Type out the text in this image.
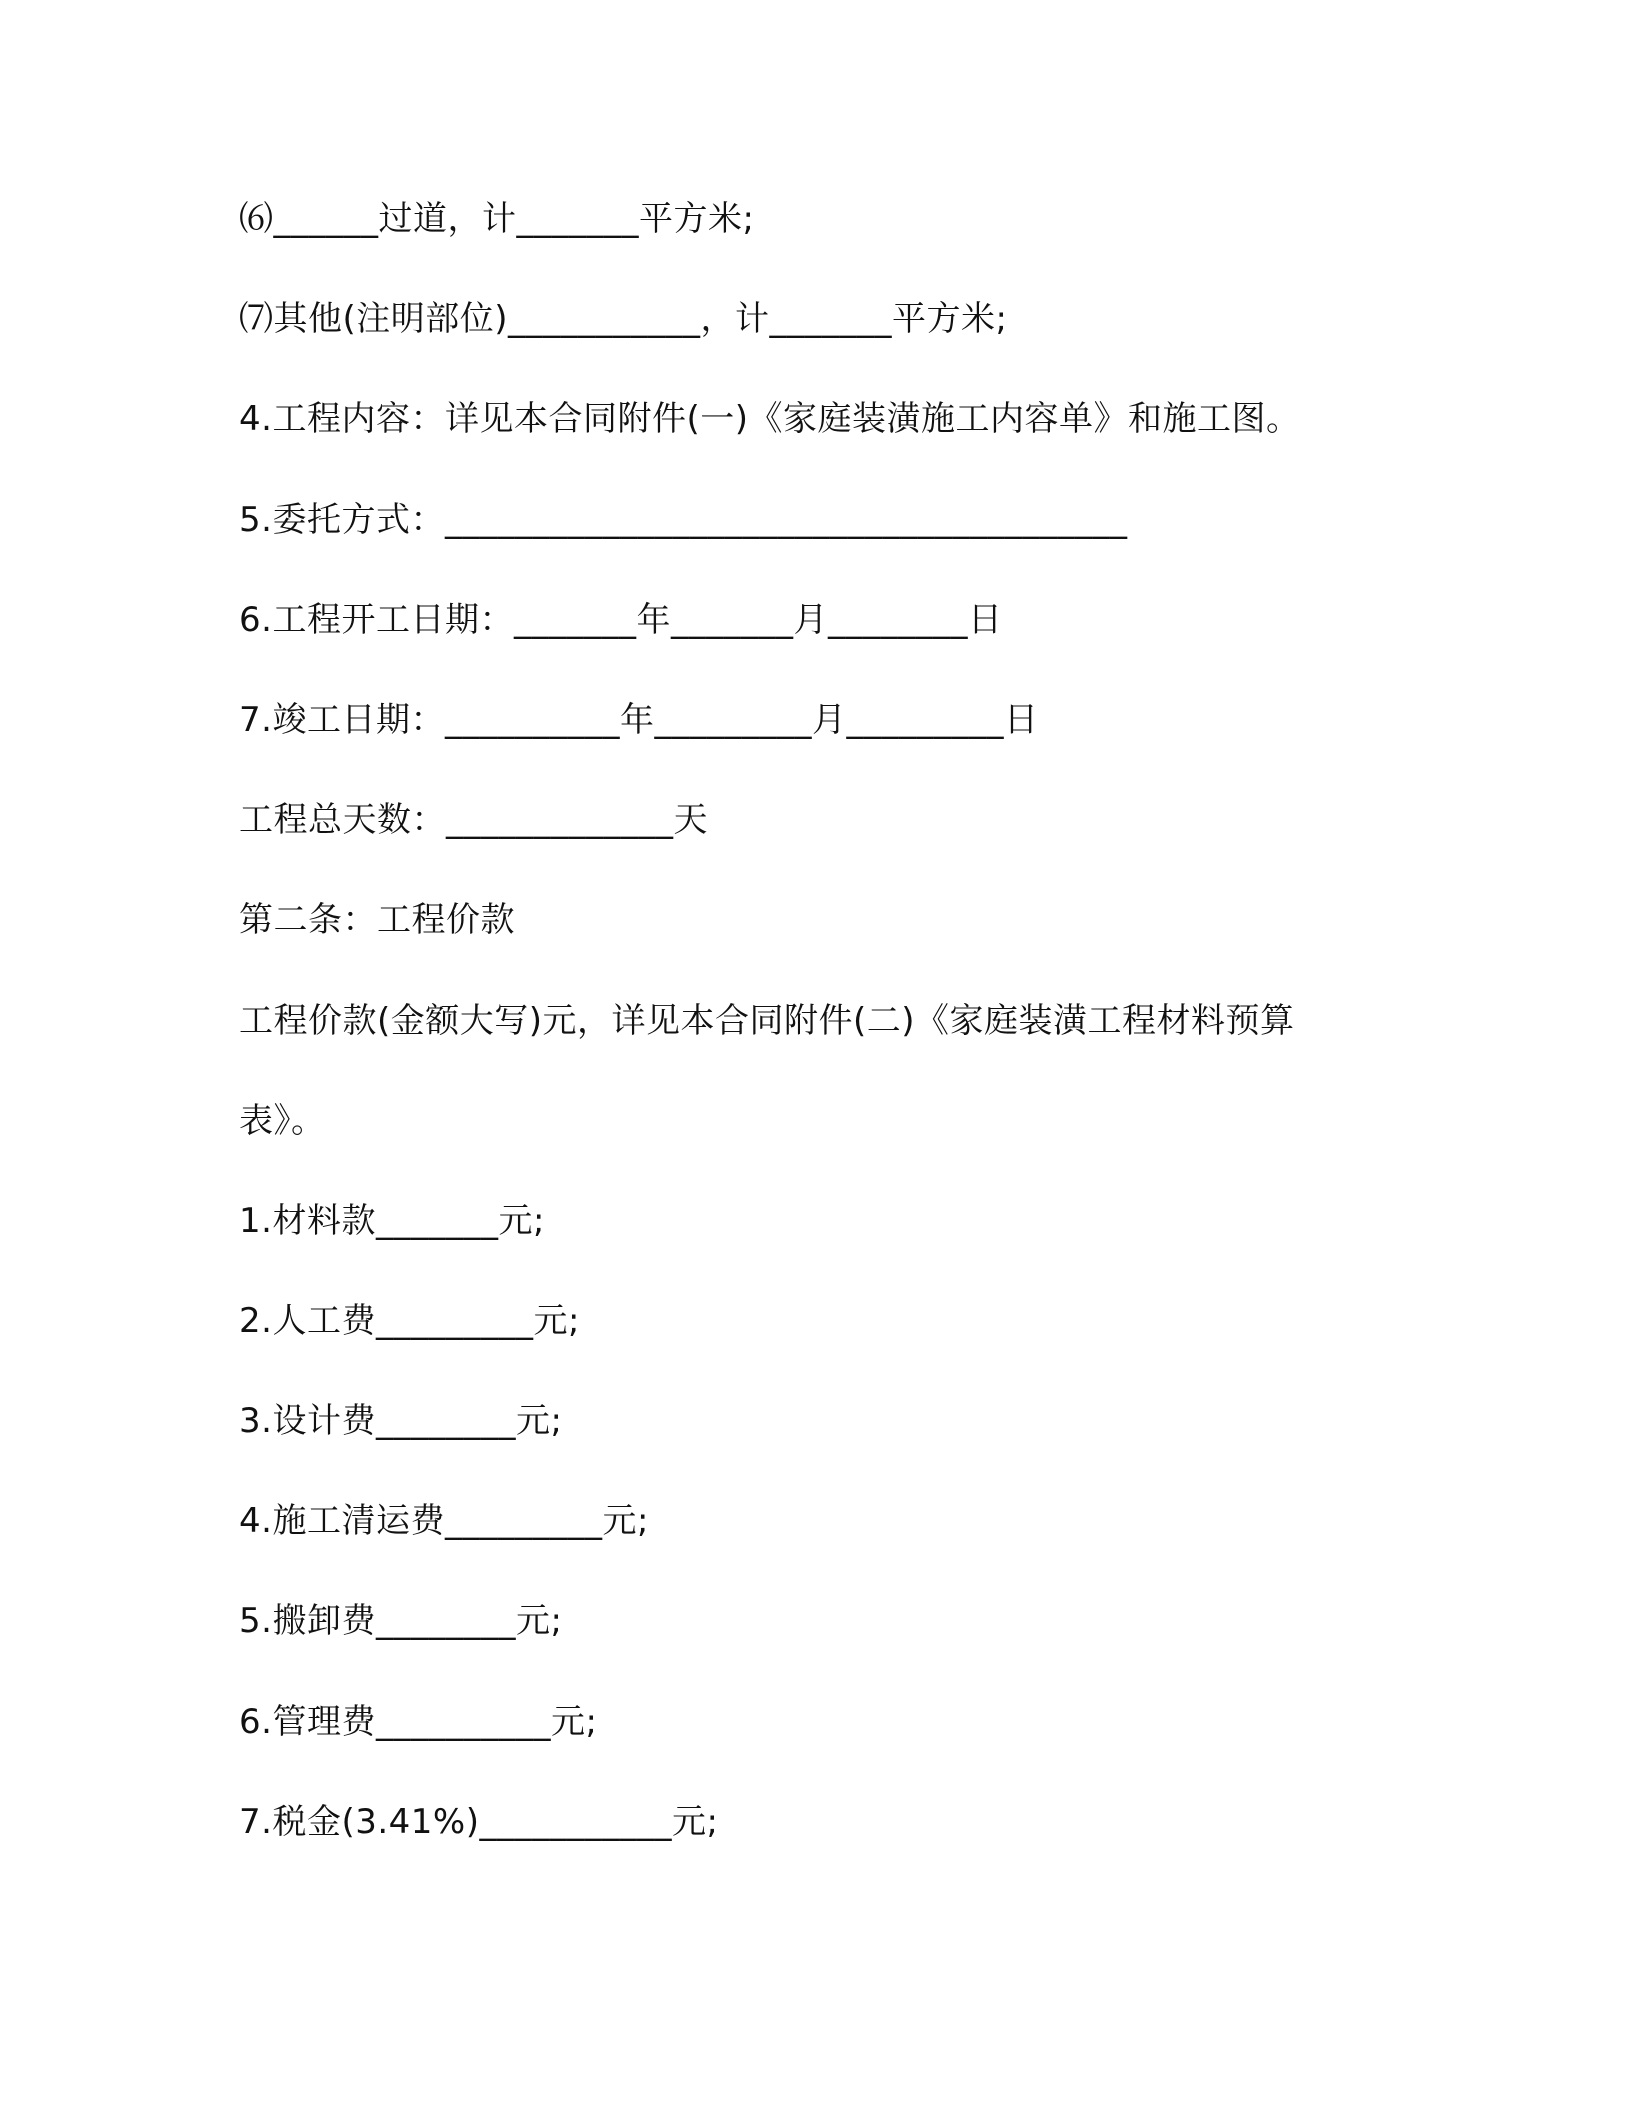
⑹______过道，计_______平方米;
⑺其他(注明部位)___________，计_______平方米;
4.工程内容：详见本合同附件(一)《家庭装潢施工内容单》和施工图。
5.委托方式：_______________________________________
6.工程开工日期：_______年_______月________日
7.竣工日期：__________年_________月_________日
工程总天数：_____________天
第二条：工程价款
工程价款(金额大写)元，详见本合同附件(二)《家庭装潢工程材料预算
表》。
1.材料款_______元;
2.人工费_________元;
3.设计费________元;
4.施工清运费_________元;
5.搬卸费________元;
6.管理费__________元;
7.税金(3.41%)___________元;
